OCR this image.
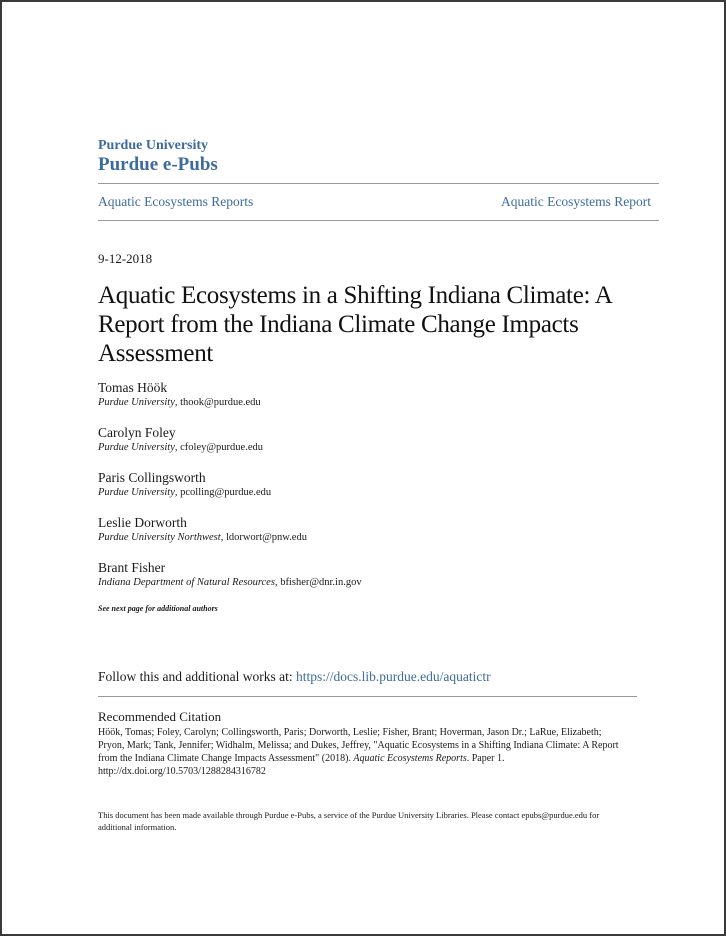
Purdue University
Purdue e-Pubs
Aquatic Ecosystems Reports	Aquatic Ecosystems Report
9-12-2018
Aquatic Ecosystems in a Shifting Indiana Climate: A Report from the Indiana Climate Change Impacts Assessment
Tomas Höök
Purdue University, thook@purdue.edu
Carolyn Foley
Purdue University, cfoley@purdue.edu
Paris Collingsworth
Purdue University, pcolling@purdue.edu
Leslie Dorworth
Purdue University Northwest, ldorwort@pnw.edu
Brant Fisher
Indiana Department of Natural Resources, bfisher@dnr.in.gov
See next page for additional authors
Follow this and additional works at: https://docs.lib.purdue.edu/aquatictr
Recommended Citation
Höök, Tomas; Foley, Carolyn; Collingsworth, Paris; Dorworth, Leslie; Fisher, Brant; Hoverman, Jason Dr.; LaRue, Elizabeth; Pryon, Mark; Tank, Jennifer; Widhalm, Melissa; and Dukes, Jeffrey, "Aquatic Ecosystems in a Shifting Indiana Climate: A Report from the Indiana Climate Change Impacts Assessment" (2018). Aquatic Ecosystems Reports. Paper 1.
http://dx.doi.org/10.5703/1288284316782
This document has been made available through Purdue e-Pubs, a service of the Purdue University Libraries. Please contact epubs@purdue.edu for additional information.
